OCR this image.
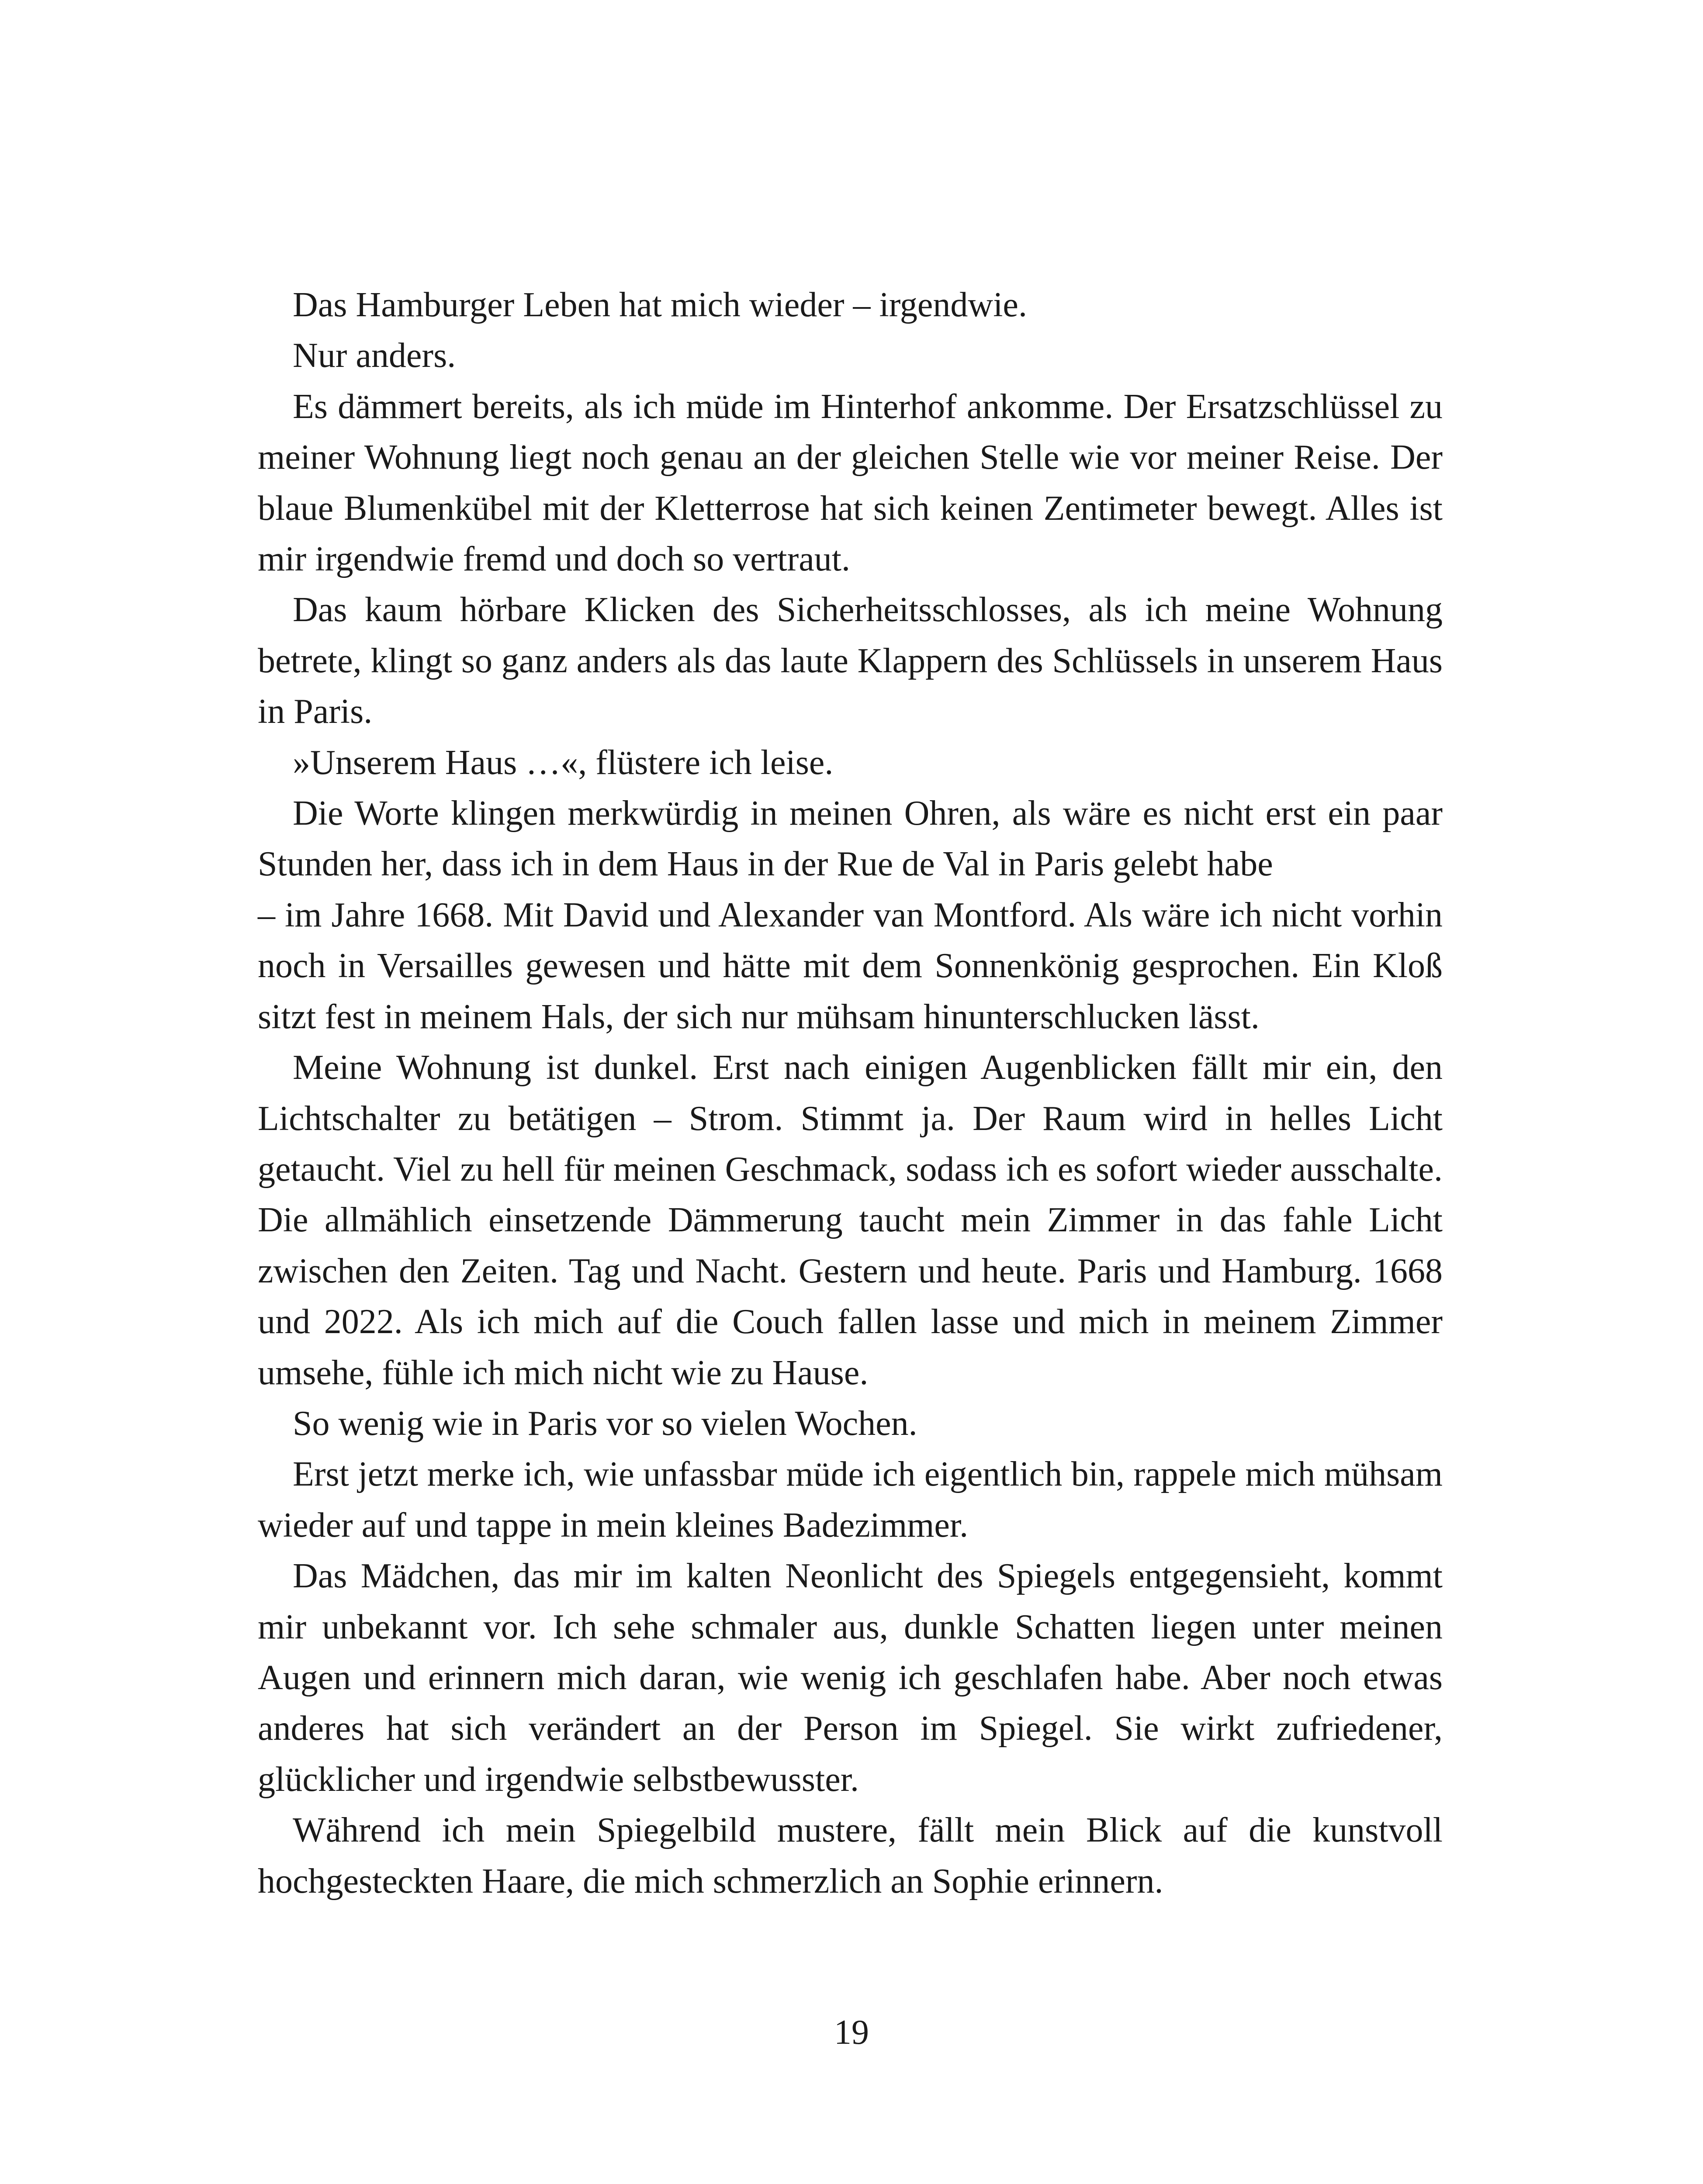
Das Hamburger Leben hat mich wieder – irgendwie.

Nur anders.

Es dämmert bereits, als ich müde im Hinterhof ankomme. Der Ersatzschlüssel zu meiner Wohnung liegt noch genau an der gleichen Stelle wie vor meiner Reise. Der blaue Blumenkübel mit der Kletterrose hat sich keinen Zentimeter bewegt. Alles ist mir irgendwie fremd und doch so vertraut.

Das kaum hörbare Klicken des Sicherheitsschlosses, als ich meine Wohnung betrete, klingt so ganz anders als das laute Klappern des Schlüssels in unserem Haus in Paris.

»Unserem Haus …«, flüstere ich leise.

Die Worte klingen merkwürdig in meinen Ohren, als wäre es nicht erst ein paar Stunden her, dass ich in dem Haus in der Rue de Val in Paris gelebt habe

– im Jahre 1668. Mit David und Alexander van Montford. Als wäre ich nicht vorhin noch in Versailles gewesen und hätte mit dem Sonnenkönig gesprochen. Ein Kloß sitzt fest in meinem Hals, der sich nur mühsam hinunterschlucken lässt.

Meine Wohnung ist dunkel. Erst nach einigen Augenblicken fällt mir ein, den Lichtschalter zu betätigen – Strom. Stimmt ja. Der Raum wird in helles Licht getaucht. Viel zu hell für meinen Geschmack, sodass ich es sofort wieder ausschalte. Die allmählich einsetzende Dämmerung taucht mein Zimmer in das fahle Licht zwischen den Zeiten. Tag und Nacht. Gestern und heute. Paris und Hamburg. 1668 und 2022. Als ich mich auf die Couch fallen lasse und mich in meinem Zimmer umsehe, fühle ich mich nicht wie zu Hause.

So wenig wie in Paris vor so vielen Wochen.

Erst jetzt merke ich, wie unfassbar müde ich eigentlich bin, rappele mich mühsam wieder auf und tappe in mein kleines Badezimmer.

Das Mädchen, das mir im kalten Neonlicht des Spiegels entgegensieht, kommt mir unbekannt vor. Ich sehe schmaler aus, dunkle Schatten liegen unter meinen Augen und erinnern mich daran, wie wenig ich geschlafen habe. Aber noch etwas anderes hat sich verändert an der Person im Spiegel. Sie wirkt zufriedener, glücklicher und irgendwie selbstbewusster.

Während ich mein Spiegelbild mustere, fällt mein Blick auf die kunstvoll hochgesteckten Haare, die mich schmerzlich an Sophie erinnern.

19
